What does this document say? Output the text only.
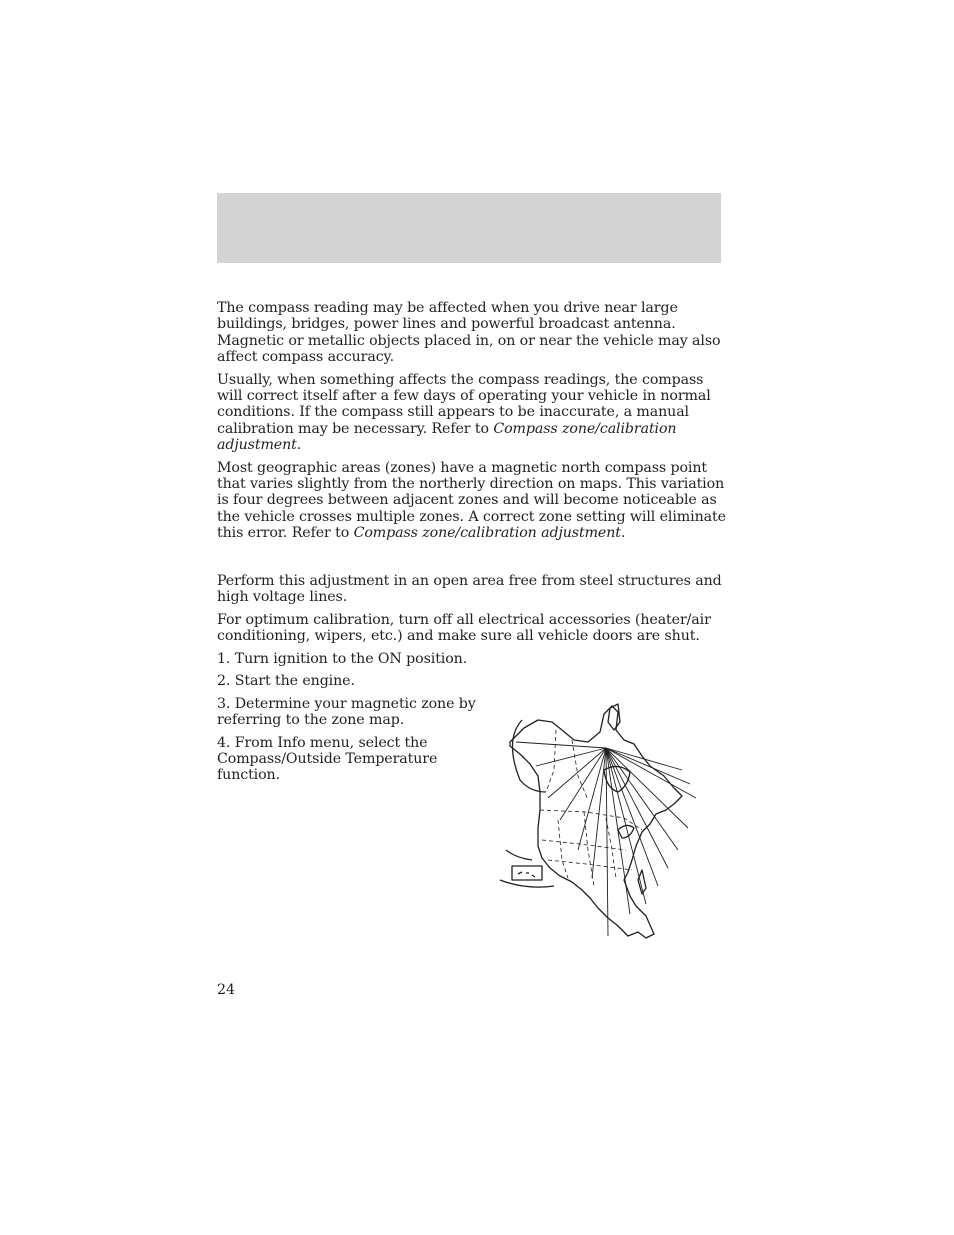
The compass reading may be affected when you drive near large buildings, bridges, power lines and powerful broadcast antenna. Magnetic or metallic objects placed in, on or near the vehicle may also affect compass accuracy.

Usually, when something affects the compass readings, the compass will correct itself after a few days of operating your vehicle in normal conditions. If the compass still appears to be inaccurate, a manual calibration may be necessary. Refer to Compass zone/calibration adjustment.

Most geographic areas (zones) have a magnetic north compass point that varies slightly from the northerly direction on maps. This variation is four degrees between adjacent zones and will become noticeable as the vehicle crosses multiple zones. A correct zone setting will eliminate this error. Refer to Compass zone/calibration adjustment.

Perform this adjustment in an open area free from steel structures and high voltage lines.

For optimum calibration, turn off all electrical accessories (heater/air conditioning, wipers, etc.) and make sure all vehicle doors are shut.

1. Turn ignition to the ON position.

2. Start the engine.

3. Determine your magnetic zone by referring to the zone map.

4. From Info menu, select the Compass/Outside Temperature function.

24
